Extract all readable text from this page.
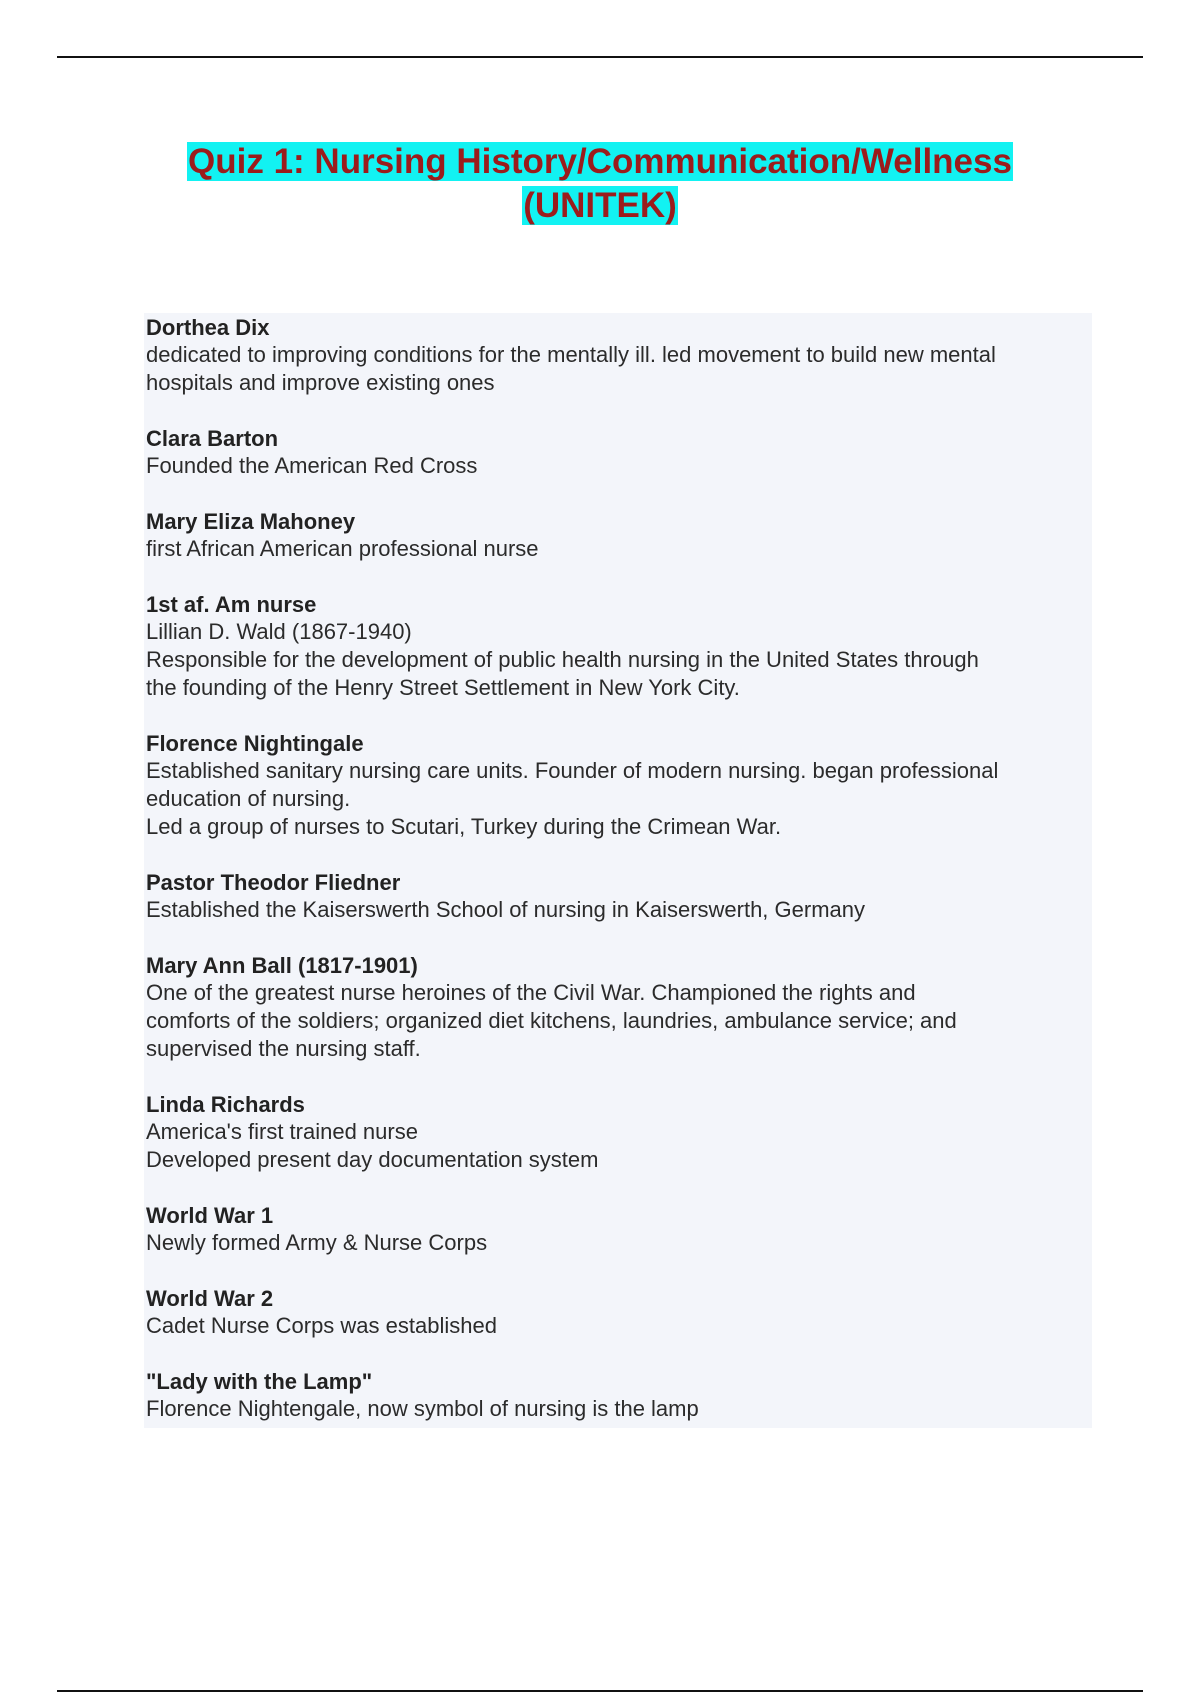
Quiz 1: Nursing History/Communication/Wellness
(UNITEK)
Dorthea Dix
dedicated to improving conditions for the mentally ill. led movement to build new mental
hospitals and improve existing ones
Clara Barton
Founded the American Red Cross
Mary Eliza Mahoney
first African American professional nurse
1st af. Am nurse
Lillian D. Wald (1867-1940)
Responsible for the development of public health nursing in the United States through
the founding of the Henry Street Settlement in New York City.
Florence Nightingale
Established sanitary nursing care units. Founder of modern nursing. began professional
education of nursing.
Led a group of nurses to Scutari, Turkey during the Crimean War.
Pastor Theodor Fliedner
Established the Kaiserswerth School of nursing in Kaiserswerth, Germany
Mary Ann Ball (1817-1901)
One of the greatest nurse heroines of the Civil War. Championed the rights and
comforts of the soldiers; organized diet kitchens, laundries, ambulance service; and
supervised the nursing staff.
Linda Richards
America's first trained nurse
Developed present day documentation system
World War 1
Newly formed Army & Nurse Corps
World War 2
Cadet Nurse Corps was established
"Lady with the Lamp"
Florence Nightengale, now symbol of nursing is the lamp
